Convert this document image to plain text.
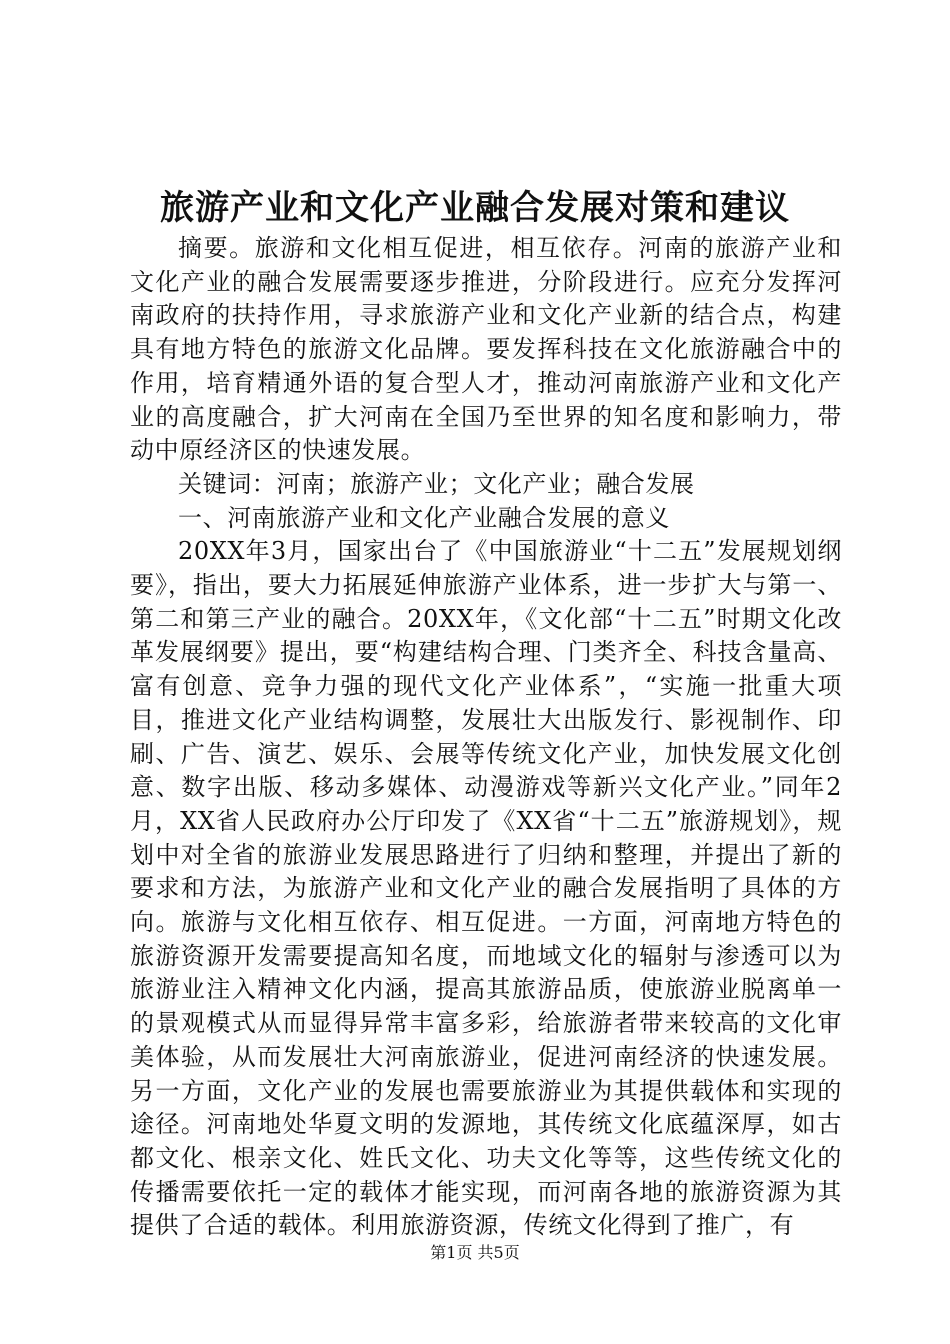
旅游产业和文化产业融合发展对策和建议

摘要。旅游和文化相互促进，相互依存。河南的旅游产业和文化产业的融合发展需要逐步推进，分阶段进行。应充分发挥河南政府的扶持作用，寻求旅游产业和文化产业新的结合点，构建具有地方特色的旅游文化品牌。要发挥科技在文化旅游融合中的作用，培育精通外语的复合型人才，推动河南旅游产业和文化产业的高度融合，扩大河南在全国乃至世界的知名度和影响力，带动中原经济区的快速发展。

关键词：河南；旅游产业；文化产业；融合发展

一、河南旅游产业和文化产业融合发展的意义

20XX年3月，国家出台了《中国旅游业“十二五”发展规划纲要》，指出，要大力拓展延伸旅游产业体系，进一步扩大与第一、第二和第三产业的融合。20XX年，《文化部“十二五”时期文化改革发展纲要》提出，要“构建结构合理、门类齐全、科技含量高、富有创意、竞争力强的现代文化产业体系”，“实施一批重大项目，推进文化产业结构调整，发展壮大出版发行、影视制作、印刷、广告、演艺、娱乐、会展等传统文化产业，加快发展文化创意、数字出版、移动多媒体、动漫游戏等新兴文化产业。”同年2月，XX省人民政府办公厅印发了《XX省“十二五”旅游规划》，规划中对全省的旅游业发展思路进行了归纳和整理，并提出了新的要求和方法，为旅游产业和文化产业的融合发展指明了具体的方向。旅游与文化相互依存、相互促进。一方面，河南地方特色的旅游资源开发需要提高知名度，而地域文化的辐射与渗透可以为旅游业注入精神文化内涵，提高其旅游品质，使旅游业脱离单一的景观模式从而显得异常丰富多彩，给旅游者带来较高的文化审美体验，从而发展壮大河南旅游业，促进河南经济的快速发展。另一方面，文化产业的发展也需要旅游业为其提供载体和实现的途径。河南地处华夏文明的发源地，其传统文化底蕴深厚，如古都文化、根亲文化、姓氏文化、功夫文化等等，这些传统文化的传播需要依托一定的载体才能实现，而河南各地的旅游资源为其提供了合适的载体。利用旅游资源，传统文化得到了推广，有

第1页 共5页
